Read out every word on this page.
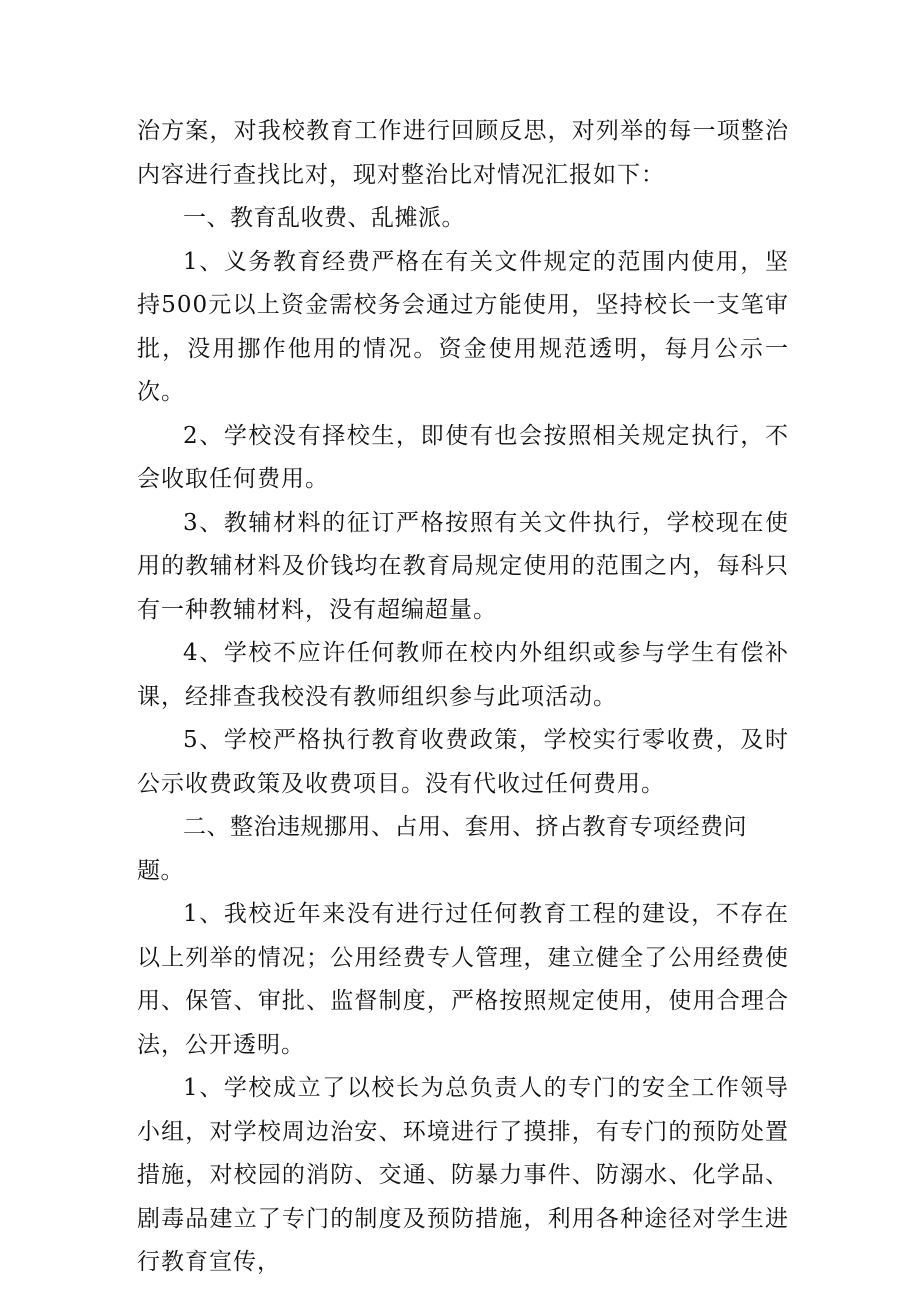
治方案，对我校教育工作进行回顾反思，对列举的每一项整治内容进行查找比对，现对整治比对情况汇报如下：

一、教育乱收费、乱摊派。

1、义务教育经费严格在有关文件规定的范围内使用，坚持500元以上资金需校务会通过方能使用，坚持校长一支笔审批，没用挪作他用的情况。资金使用规范透明，每月公示一次。

2、学校没有择校生，即使有也会按照相关规定执行，不会收取任何费用。

3、教辅材料的征订严格按照有关文件执行，学校现在使用的教辅材料及价钱均在教育局规定使用的范围之内，每科只有一种教辅材料，没有超编超量。

4、学校不应许任何教师在校内外组织或参与学生有偿补课，经排查我校没有教师组织参与此项活动。

5、学校严格执行教育收费政策，学校实行零收费，及时公示收费政策及收费项目。没有代收过任何费用。

二、整治违规挪用、占用、套用、挤占教育专项经费问题。

1、我校近年来没有进行过任何教育工程的建设，不存在以上列举的情况；公用经费专人管理，建立健全了公用经费使用、保管、审批、监督制度，严格按照规定使用，使用合理合法，公开透明。

1、学校成立了以校长为总负责人的专门的安全工作领导小组，对学校周边治安、环境进行了摸排，有专门的预防处置措施，对校园的消防、交通、防暴力事件、防溺水、化学品、剧毒品建立了专门的制度及预防措施，利用各种途径对学生进行教育宣传，
